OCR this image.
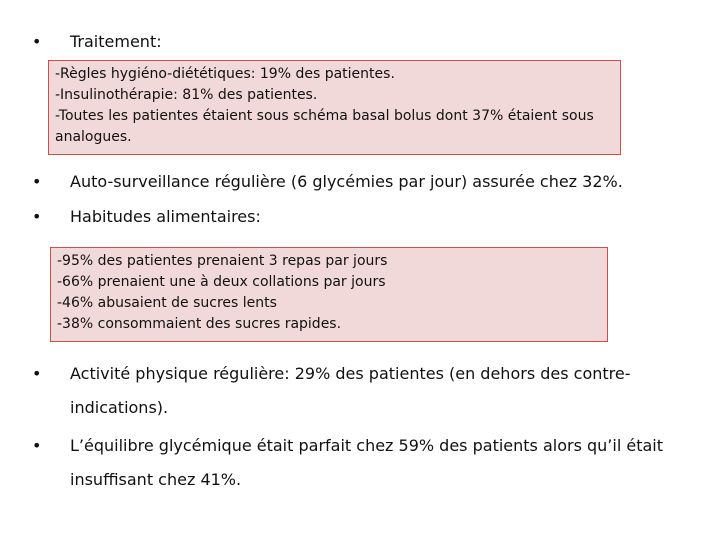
• Traitement:
-Règles hygiéno-diététiques: 19% des patientes.
-Insulinothérapie: 81% des patientes.
-Toutes les patientes étaient sous schéma basal bolus dont 37% étaient sous
analogues.
• Auto-surveillance régulière (6 glycémies par jour) assurée chez 32%.
• Habitudes alimentaires:
-95% des patientes prenaient 3 repas par jours
-66% prenaient une à deux collations par jours
-46% abusaient de sucres lents
-38% consommaient des sucres rapides.
• Activité physique régulière: 29% des patientes (en dehors des contre-
indications).
• L’équilibre glycémique était parfait chez 59% des patients alors qu’il était
insuffisant chez 41%.
